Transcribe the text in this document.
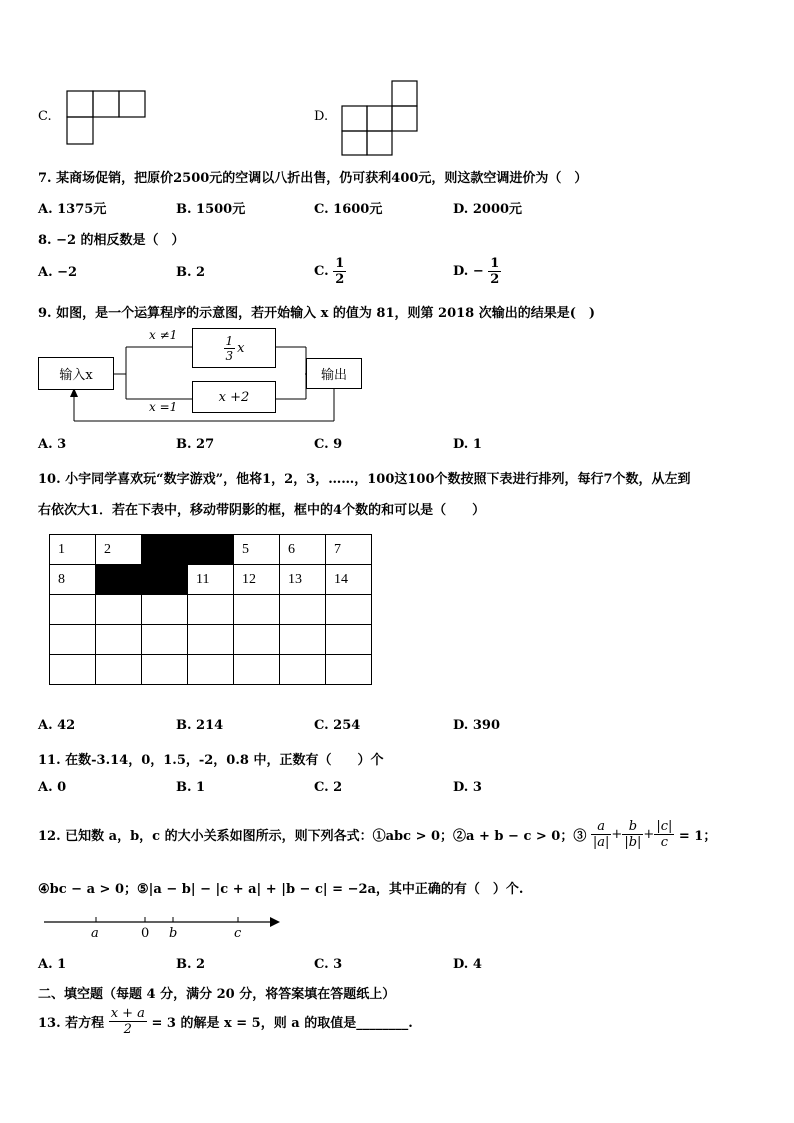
C.	D.
7. 某商场促销，把原价2500元的空调以八折出售，仍可获利400元，则这款空调进价为（　）
A. 1375元	B. 1500元	C. 1600元	D. 2000元
8. −2 的相反数是（　）
A. −2	B. 2	C. $\frac{1}{2}$	D. − $\frac{1}{2}$
9. 如图，是一个运算程序的示意图，若开始输入 x 的值为 81，则第 2018 次输出的结果是(　)
输入x	输出
$\frac{1}{3}$ x
x +2
x ≠1
x =1
A. 3	B. 27	C. 9	D. 1
10. 小宇同学喜欢玩“数字游戏”，他将1，2，3，……，100这100个数按照下表进行排列，每行7个数，从左到
右依次大1．若在下表中，移动带阴影的框，框中的4个数的和可以是（　　）
1	2			5	6	7
8			11	12	13	14

A. 42	B. 214	C. 254	D. 390
11. 在数-3.14，0，1.5，-2，0.8 中，正数有（　　）个
A. 0	B. 1	C. 2	D. 3
12. 已知数 a，b，c 的大小关系如图所示，则下列各式：①abc > 0；②a + b − c > 0；③ $\frac{a}{|a|} + \frac{b}{|b|} + \frac{|c|}{c} = 1$；
④bc − a > 0；⑤|a − b| − |c + a| + |b − c| = −2a，其中正确的有（　）个.
a	0 b	c
A. 1	B. 2	C. 3	D. 4
二、填空题（每题 4 分，满分 20 分，将答案填在答题纸上）
13. 若方程 $\frac{x + a}{2} = 3$ 的解是 x = 5，则 a 的取值是________.
